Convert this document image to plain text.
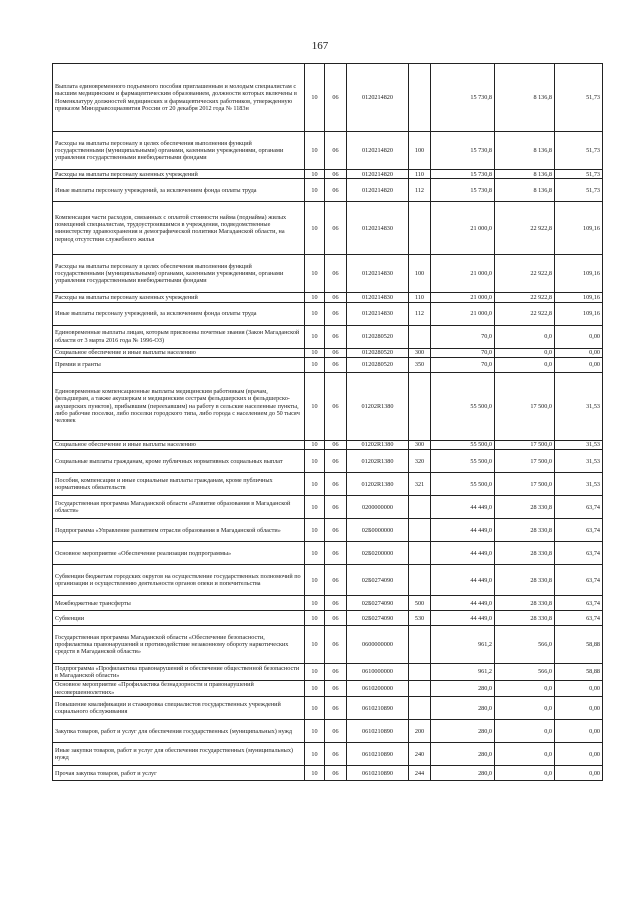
167
Выплата единовременного подъемного пособия приглашенным и молодым специалистам с высшим медицинским и фармацевтическим образованием, должности которых включены в Номенклатуру должностей медицинских и фармацевтических работников, утвержденную приказом Минздравсоциазвития России от 20 декабря 2012 года № 1183н	10	06	0120214820		15 730,8	8 136,8	51,73
Расходы на выплаты персоналу в целях обеспечения выполнения функций государственными (муниципальными) органами, казенными учреждениями, органами управления государственными внебюджетными фондами	10	06	0120214820	100	15 730,8	8 136,8	51,73
Расходы на выплаты персоналу казенных учреждений	10	06	0120214820	110	15 730,8	8 136,8	51,73
Иные выплаты персоналу учреждений, за исключением фонда оплаты труда	10	06	0120214820	112	15 730,8	8 136,8	51,73
Компенсация части расходов, связанных с оплатой стоимости найма (поднайма) жилых помещений специалистам, трудоустроившимся в учреждения, подведомственные министерству здравоохранения и демографической политики Магаданской области, на период отсутствия служебного жилья	10	06	0120214830		21 000,0	22 922,8	109,16
Расходы на выплаты персоналу в целях обеспечения выполнения функций государственными (муниципальными) органами, казенными учреждениями, органами управления государственными внебюджетными фондами	10	06	0120214830	100	21 000,0	22 922,8	109,16
Расходы на выплаты персоналу казенных учреждений	10	06	0120214830	110	21 000,0	22 922,8	109,16
Иные выплаты персоналу учреждений, за исключением фонда оплаты труда	10	06	0120214830	112	21 000,0	22 922,8	109,16
Единовременные выплаты лицам, которым присвоены почетные звания (Закон Магаданской области от 3 марта 2016 года № 1996-ОЗ)	10	06	0120280520		70,0	0,0	0,00
Социальное обеспечение и иные выплаты населению	10	06	0120280520	300	70,0	0,0	0,00
Премии и гранты	10	06	0120280520	350	70,0	0,0	0,00
Единовременные компенсационные выплаты медицинским работникам (врачам, фельдшерам, а также акушеркам и медицинским сестрам фельдшерских и фельдшерско-акушерских пунктов), прибывшим (переехавшим) на работу в сельские населенные пункты, либо рабочие поселки, либо поселки городского типа, либо города с населением до 50 тысяч человек	10	06	01202R1380		55 500,0	17 500,0	31,53
Социальное обеспечение и иные выплаты населению	10	06	01202R1380	300	55 500,0	17 500,0	31,53
Социальные выплаты гражданам, кроме публичных нормативных социальных выплат	10	06	01202R1380	320	55 500,0	17 500,0	31,53
Пособия, компенсации и иные социальные выплаты гражданам, кроме публичных нормативных обязательств	10	06	01202R1380	321	55 500,0	17 500,0	31,53
Государственная программа Магаданской области «Развитие образования в Магаданской области»	10	06	0200000000		44 449,0	28 330,8	63,74
Подпрограмма «Управление развитием отрасли образования в Магаданской области»	10	06	02Б0000000		44 449,0	28 330,8	63,74
Основное мероприятие «Обеспечение реализации подпрограммы»	10	06	02Б0200000		44 449,0	28 330,8	63,74
Субвенции бюджетам городских округов на осуществление государственных полномочий по организации и осуществлению деятельности органов опеки и попечительства	10	06	02Б0274090		44 449,0	28 330,8	63,74
Межбюджетные трансферты	10	06	02Б0274090	500	44 449,0	28 330,8	63,74
Субвенции	10	06	02Б0274090	530	44 449,0	28 330,8	63,74
Государственная программа Магаданской области «Обеспечение безопасности, профилактика правонарушений и противодействие незаконному обороту наркотических средств в Магаданской области»	10	06	0600000000		961,2	566,0	58,88
Подпрограмма «Профилактика правонарушений и обеспечение общественной безопасности в Магаданской области»	10	06	0610000000		961,2	566,0	58,88
Основное мероприятие «Профилактика безнадзорности и правонарушений несовершеннолетних»	10	06	0610200000		280,0	0,0	0,00
Повышение квалификации и стажировка специалистов государственных учреждений социального обслуживания	10	06	0610210890		280,0	0,0	0,00
Закупка товаров, работ и услуг для обеспечения государственных (муниципальных) нужд	10	06	0610210890	200	280,0	0,0	0,00
Иные закупки товаров, работ и услуг для обеспечения государственных (муниципальных) нужд	10	06	0610210890	240	280,0	0,0	0,00
Прочая закупка товаров, работ и услуг	10	06	0610210890	244	280,0	0,0	0,00
